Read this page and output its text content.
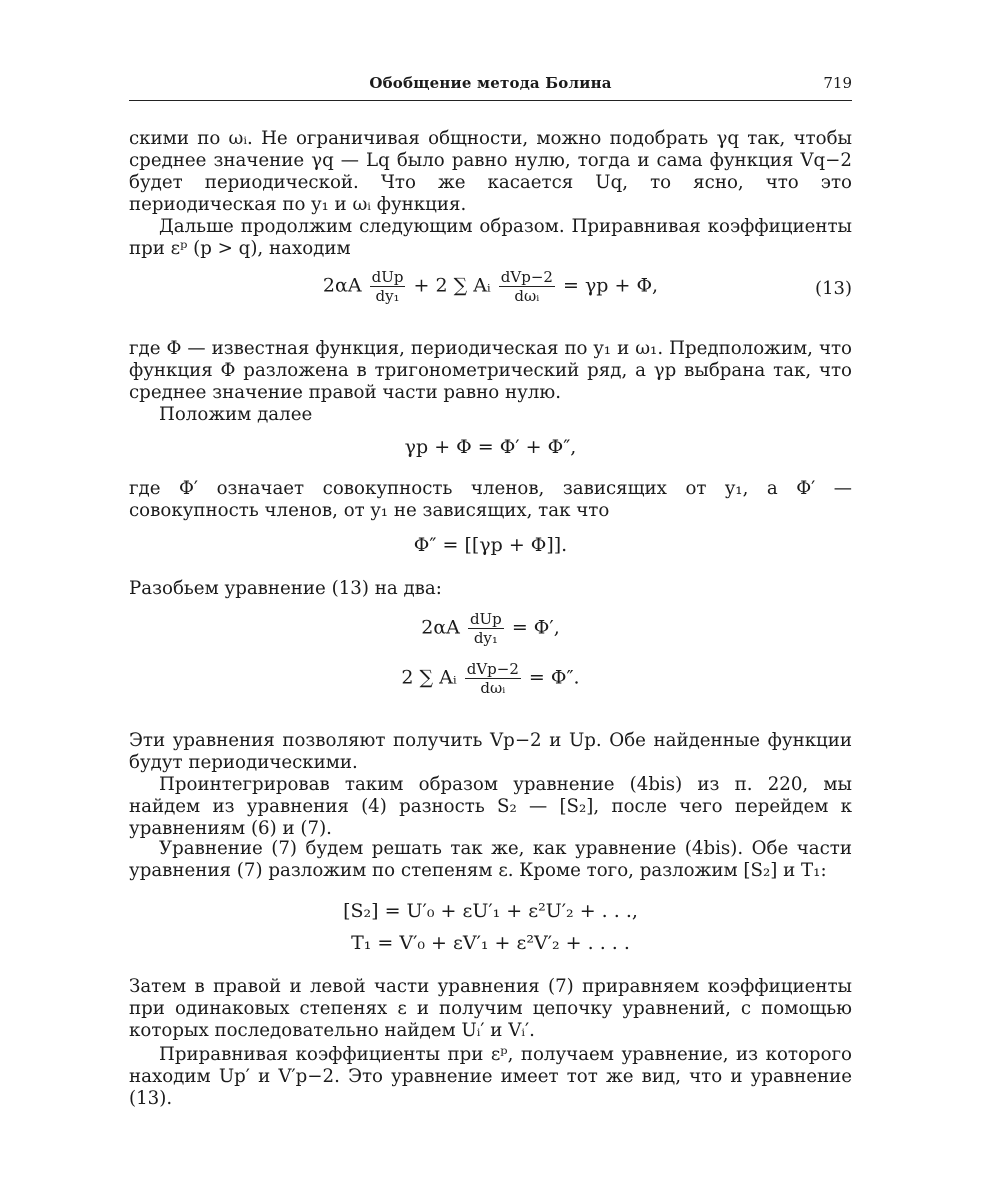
Обобщение метода Болина	719

скими по ωᵢ. Не ограничивая общности, можно подобрать γq так, чтобы среднее значение γq — Lq было равно нулю, тогда и сама функция Vq−2 будет периодической. Что же касается Uq, то ясно, что это периодическая по y₁ и ωᵢ функция.

Дальше продолжим следующим образом. Приравнивая коэффициенты при εᵖ (p > q), находим

$2\alpha A \frac{\text{dUp}}{\text{dy₁}} + 2$ ∑ Aᵢ $\frac{\text{dVp−2}}{\text{dωᵢ}} = \gamma p + \Phi$,	(13)

где Φ — известная функция, периодическая по y₁ и ω₁. Предположим, что функция Φ разложена в тригонометрический ряд, а γp выбрана так, что среднее значение правой части равно нулю.

Положим далее

γp + Φ = Φ′ + Φ″,

где Φ′ означает совокупность членов, зависящих от y₁, а Φ′ — совокупность членов, от y₁ не зависящих, так что

Φ″ = [[γp + Φ]].

Разобьем уравнение (13) на два:

$2\alpha A \frac{\text{dUp}}{\text{dy₁}} = \Phi'$,
2 ∑ Aᵢ $\frac{\text{dVp−2}}{\text{dωᵢ}} = \Phi''$.

Эти уравнения позволяют получить Vp−2 и Up. Обе найденные функции будут периодическими.

Проинтегрировав таким образом уравнение (4bis) из п. 220, мы найдем из уравнения (4) разность S₂ — [S₂], после чего перейдем к уравнениям (6) и (7).

Уравнение (7) будем решать так же, как уравнение (4bis). Обе части уравнения (7) разложим по степеням ε. Кроме того, разложим [S₂] и T₁:

[S₂] = U′₀ + εU′₁ + ε²U′₂ + . . .,
T₁ = V′₀ + εV′₁ + ε²V′₂ + . . . .

Затем в правой и левой части уравнения (7) приравняем коэффициенты при одинаковых степенях ε и получим цепочку уравнений, с помощью которых последовательно найдем Uᵢ′ и Vᵢ′.

Приравнивая коэффициенты при εᵖ, получаем уравнение, из которого находим Up′ и V′p−2. Это уравнение имеет тот же вид, что и уравнение (13).
